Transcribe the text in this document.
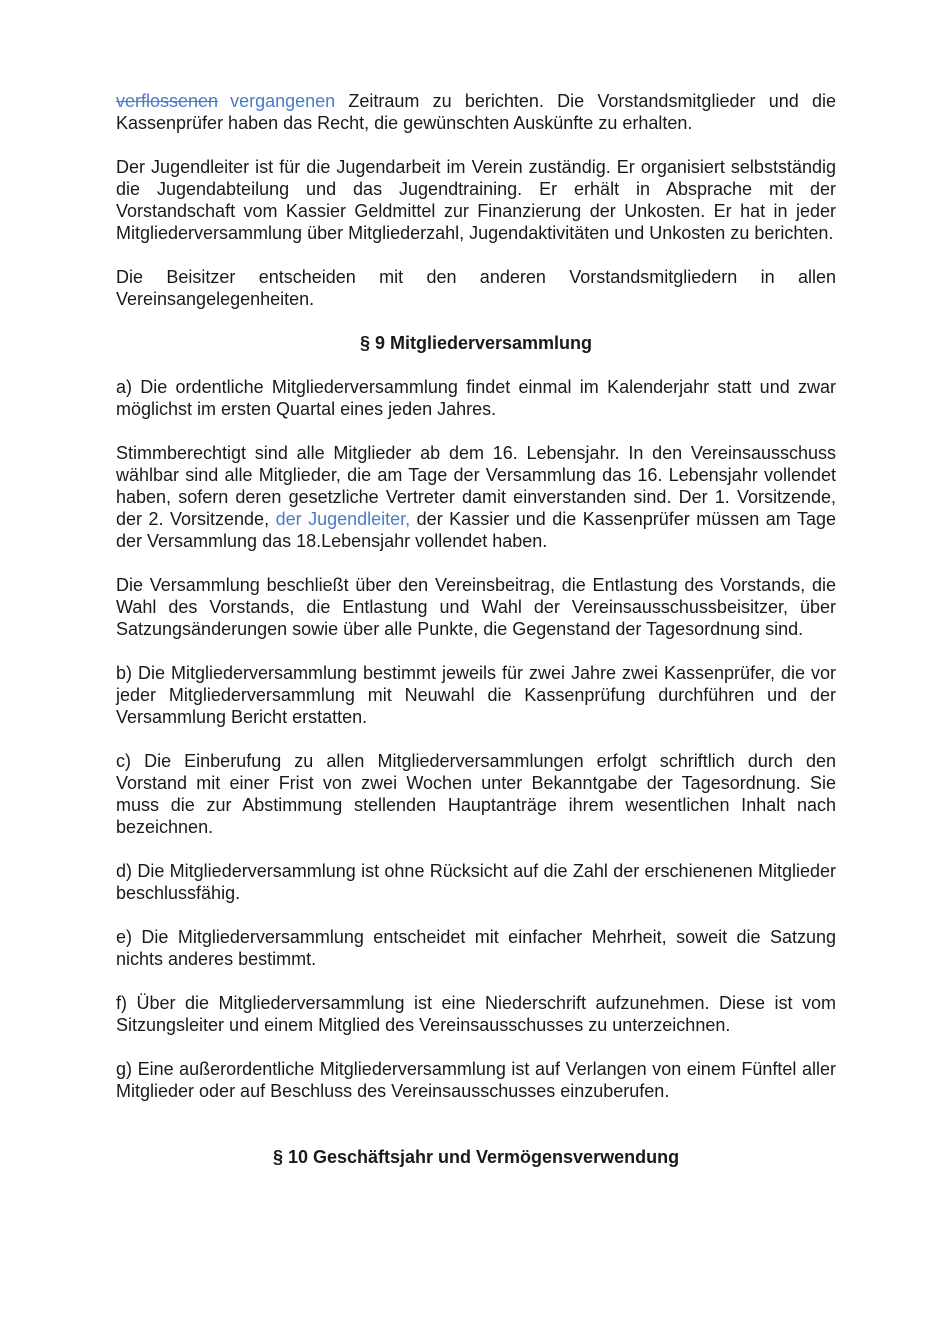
verflossenen vergangenen Zeitraum zu berichten. Die Vorstandsmitglieder und die Kassenprüfer haben das Recht, die gewünschten Auskünfte zu erhalten.

Der Jugendleiter ist für die Jugendarbeit im Verein zuständig. Er organisiert selbstständig die Jugendabteilung und das Jugendtraining. Er erhält in Absprache mit der Vorstandschaft vom Kassier Geldmittel zur Finanzierung der Unkosten. Er hat in jeder Mitgliederversammlung über Mitgliederzahl, Jugendaktivitäten und Unkosten zu berichten.

Die Beisitzer entscheiden mit den anderen Vorstandsmitgliedern in allen Vereinsangelegenheiten.

§ 9 Mitgliederversammlung

a) Die ordentliche Mitgliederversammlung findet einmal im Kalenderjahr statt und zwar möglichst im ersten Quartal eines jeden Jahres.

Stimmberechtigt sind alle Mitglieder ab dem 16. Lebensjahr. In den Vereinsausschuss wählbar sind alle Mitglieder, die am Tage der Versammlung das 16. Lebensjahr vollendet haben, sofern deren gesetzliche Vertreter damit einverstanden sind. Der 1. Vorsitzende, der 2. Vorsitzende, der Jugendleiter, der Kassier und die Kassenprüfer müssen am Tage der Versammlung das 18.Lebensjahr vollendet haben.

Die Versammlung beschließt über den Vereinsbeitrag, die Entlastung des Vorstands, die Wahl des Vorstands, die Entlastung und Wahl der Vereinsausschussbeisitzer, über Satzungsänderungen sowie über alle Punkte, die Gegenstand der Tagesordnung sind.

b) Die Mitgliederversammlung bestimmt jeweils für zwei Jahre zwei Kassenprüfer, die vor jeder Mitgliederversammlung mit Neuwahl die Kassenprüfung durchführen und der Versammlung Bericht erstatten.

c) Die Einberufung zu allen Mitgliederversammlungen erfolgt schriftlich durch den Vorstand mit einer Frist von zwei Wochen unter Bekanntgabe der Tagesordnung. Sie muss die zur Abstimmung stellenden Hauptanträge ihrem wesentlichen Inhalt nach bezeichnen.

d) Die Mitgliederversammlung ist ohne Rücksicht auf die Zahl der erschienenen Mitglieder beschlussfähig.

e) Die Mitgliederversammlung entscheidet mit einfacher Mehrheit, soweit die Satzung nichts anderes bestimmt.

f) Über die Mitgliederversammlung ist eine Niederschrift aufzunehmen. Diese ist vom Sitzungsleiter und einem Mitglied des Vereinsausschusses zu unterzeichnen.

g) Eine außerordentliche Mitgliederversammlung ist auf Verlangen von einem Fünftel aller Mitglieder oder auf Beschluss des Vereinsausschusses einzuberufen.

§ 10 Geschäftsjahr und Vermögensverwendung
